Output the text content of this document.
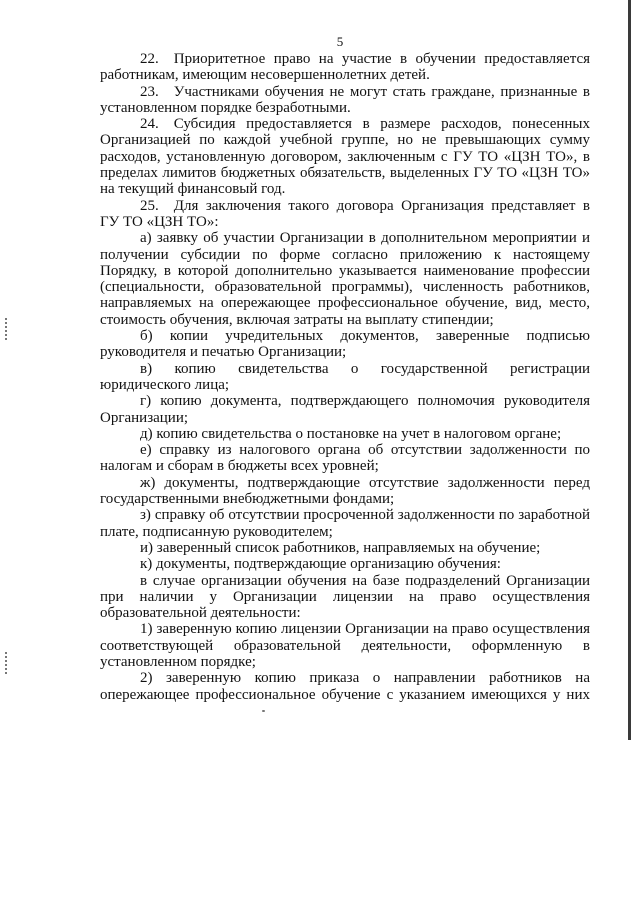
5

22. Приоритетное право на участие в обучении предоставляется работникам, имеющим несовершеннолетних детей.

23. Участниками обучения не могут стать граждане, признанные в установленном порядке безработными.

24. Субсидия предоставляется в размере расходов, понесенных Организацией по каждой учебной группе, но не превышающих сумму расходов, установленную договором, заключенным с ГУ ТО «ЦЗН ТО», в пределах лимитов бюджетных обязательств, выделенных ГУ ТО «ЦЗН ТО» на текущий финансовый год.

25. Для заключения такого договора Организация представляет в ГУ ТО «ЦЗН ТО»:

а) заявку об участии Организации в дополнительном мероприятии и получении субсидии по форме согласно приложению к настоящему Порядку, в которой дополнительно указывается наименование профессии (специальности, образовательной программы), численность работников, направляемых на опережающее профессиональное обучение, вид, место, стоимость обучения, включая затраты на выплату стипендии;

б) копии учредительных документов, заверенные подписью руководителя и печатью Организации;

в) копию свидетельства о государственной регистрации юридического лица;

г) копию документа, подтверждающего полномочия руководителя Организации;

д) копию свидетельства о постановке на учет в налоговом органе;

е) справку из налогового органа об отсутствии задолженности по налогам и сборам в бюджеты всех уровней;

ж) документы, подтверждающие отсутствие задолженности перед государственными внебюджетными фондами;

з) справку об отсутствии просроченной задолженности по заработной плате, подписанную руководителем;

и) заверенный список работников, направляемых на обучение;

к) документы, подтверждающие организацию обучения:

в случае организации обучения на базе подразделений Организации при наличии у Организации лицензии на право осуществления образовательной деятельности:

1) заверенную копию лицензии Организации на право осуществления соответствующей образовательной деятельности, оформленную в установленном порядке;

2) заверенную копию приказа о направлении работников на опережающее профессиональное обучение с указанием имеющихся у них
